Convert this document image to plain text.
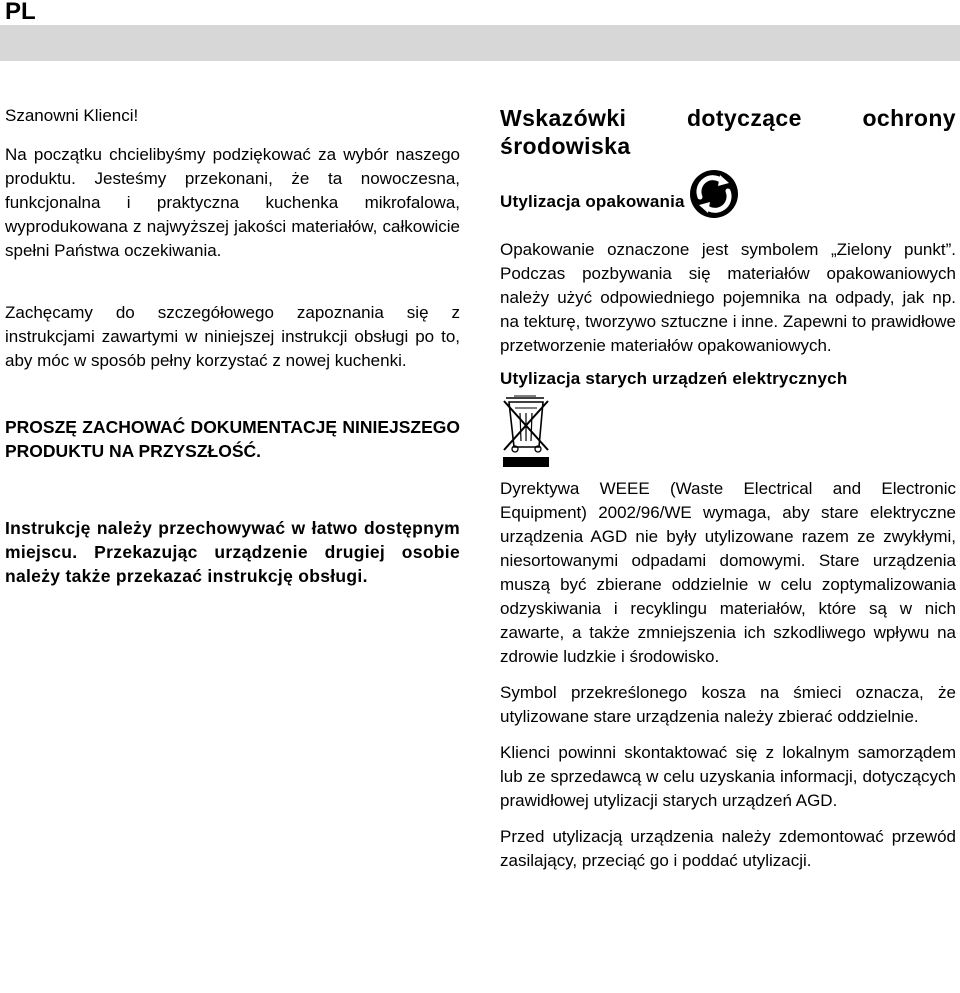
PL

Szanowni Klienci!

Na początku chcielibyśmy podziękować za wybór naszego produktu. Jesteśmy przekonani, że ta nowoczesna, funkcjonalna i praktyczna kuchenka mikrofalowa, wyprodukowana z najwyższej jakości materiałów, całkowicie spełni Państwa oczekiwania.

Zachęcamy do szczegółowego zapoznania się z instrukcjami zawartymi w niniejszej instrukcji obsługi po to, aby móc w sposób pełny korzystać z nowej kuchenki.

PROSZĘ ZACHOWAĆ DOKUMENTACJĘ NINIEJSZEGO PRODUKTU NA PRZYSZŁOŚĆ.

Instrukcję należy przechowywać w łatwo dostępnym miejscu. Przekazując urządzenie drugiej osobie należy także przekazać instrukcję obsługi.

Wskazówki dotyczące ochrony środowiska

Utylizacja opakowania

Opakowanie oznaczone jest symbolem „Zielony punkt”. Podczas pozbywania się materiałów opakowaniowych należy użyć odpowiedniego pojemnika na odpady, jak np. na tekturę, tworzywo sztuczne i inne. Zapewni to prawidłowe przetworzenie materiałów opakowaniowych.

Utylizacja starych urządzeń elektrycznych

Dyrektywa WEEE (Waste Electrical and Electronic Equipment) 2002/96/WE wymaga, aby stare elektryczne urządzenia AGD nie były utylizowane razem ze zwykłymi, niesortowanymi odpadami domowymi. Stare urządzenia muszą być zbierane oddzielnie w celu zoptymalizowania odzyskiwania i recyklingu materiałów, które są w nich zawarte, a także zmniejszenia ich szkodliwego wpływu na zdrowie ludzkie i środowisko.

Symbol przekreślonego kosza na śmieci oznacza, że utylizowane stare urządzenia należy zbierać oddzielnie.

Klienci powinni skontaktować się z lokalnym samorządem lub ze sprzedawcą w celu uzyskania informacji, dotyczących prawidłowej utylizacji starych urządzeń AGD.

Przed utylizacją urządzenia należy zdemontować przewód zasilający, przeciąć go i poddać utylizacji.
